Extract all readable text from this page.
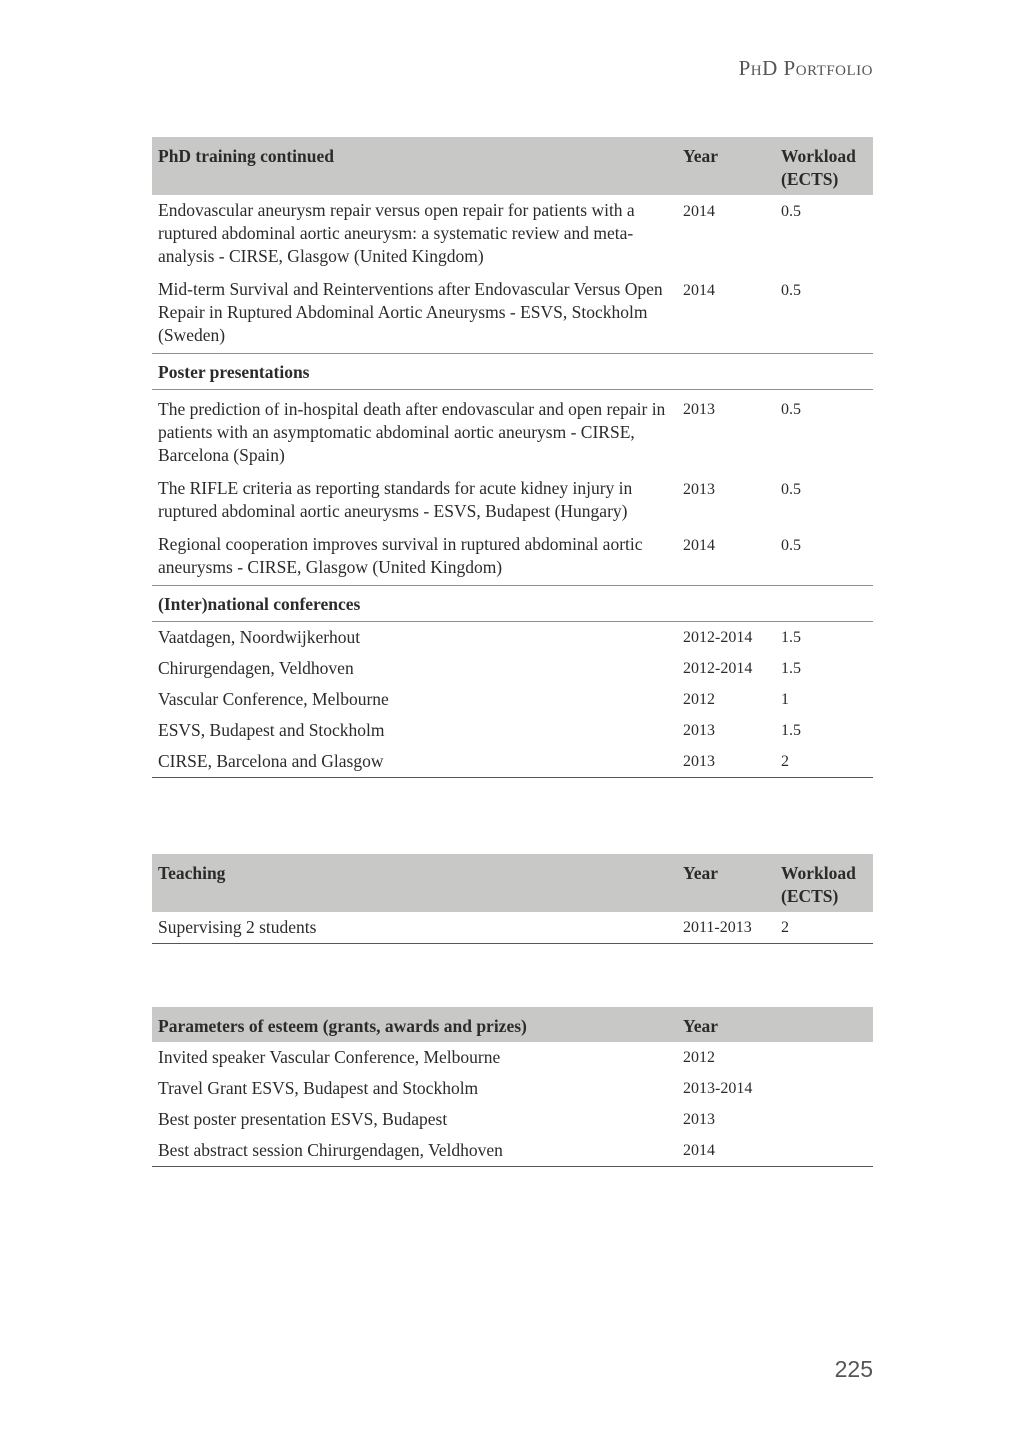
PhD Portfolio
PhD training continued	Year	Workload (ECTS)
Endovascular aneurysm repair versus open repair for patients with a ruptured abdominal aortic aneurysm: a systematic review and meta-analysis - CIRSE, Glasgow (United Kingdom)	2014	0.5
Mid-term Survival and Reinterventions after Endovascular Versus Open Repair in Ruptured Abdominal Aortic Aneurysms - ESVS, Stockholm (Sweden)	2014	0.5
Poster presentations		
The prediction of in-hospital death after endovascular and open repair in patients with an asymptomatic abdominal aortic aneurysm - CIRSE, Barcelona (Spain)	2013	0.5
The RIFLE criteria as reporting standards for acute kidney injury in ruptured abdominal aortic aneurysms - ESVS, Budapest (Hungary)	2013	0.5
Regional cooperation improves survival in ruptured abdominal aortic aneurysms - CIRSE, Glasgow (United Kingdom)	2014	0.5
(Inter)national conferences		
Vaatdagen, Noordwijkerhout	2012-2014	1.5
Chirurgendagen, Veldhoven	2012-2014	1.5
Vascular Conference, Melbourne	2012	1
ESVS, Budapest and Stockholm	2013	1.5
CIRSE, Barcelona and Glasgow	2013	2
Teaching	Year	Workload (ECTS)
Supervising 2 students	2011-2013	2
Parameters of esteem (grants, awards and prizes)	Year	
Invited speaker Vascular Conference, Melbourne	2012	
Travel Grant ESVS, Budapest and Stockholm	2013-2014	
Best poster presentation ESVS, Budapest	2013	
Best abstract session Chirurgendagen, Veldhoven	2014	
225
